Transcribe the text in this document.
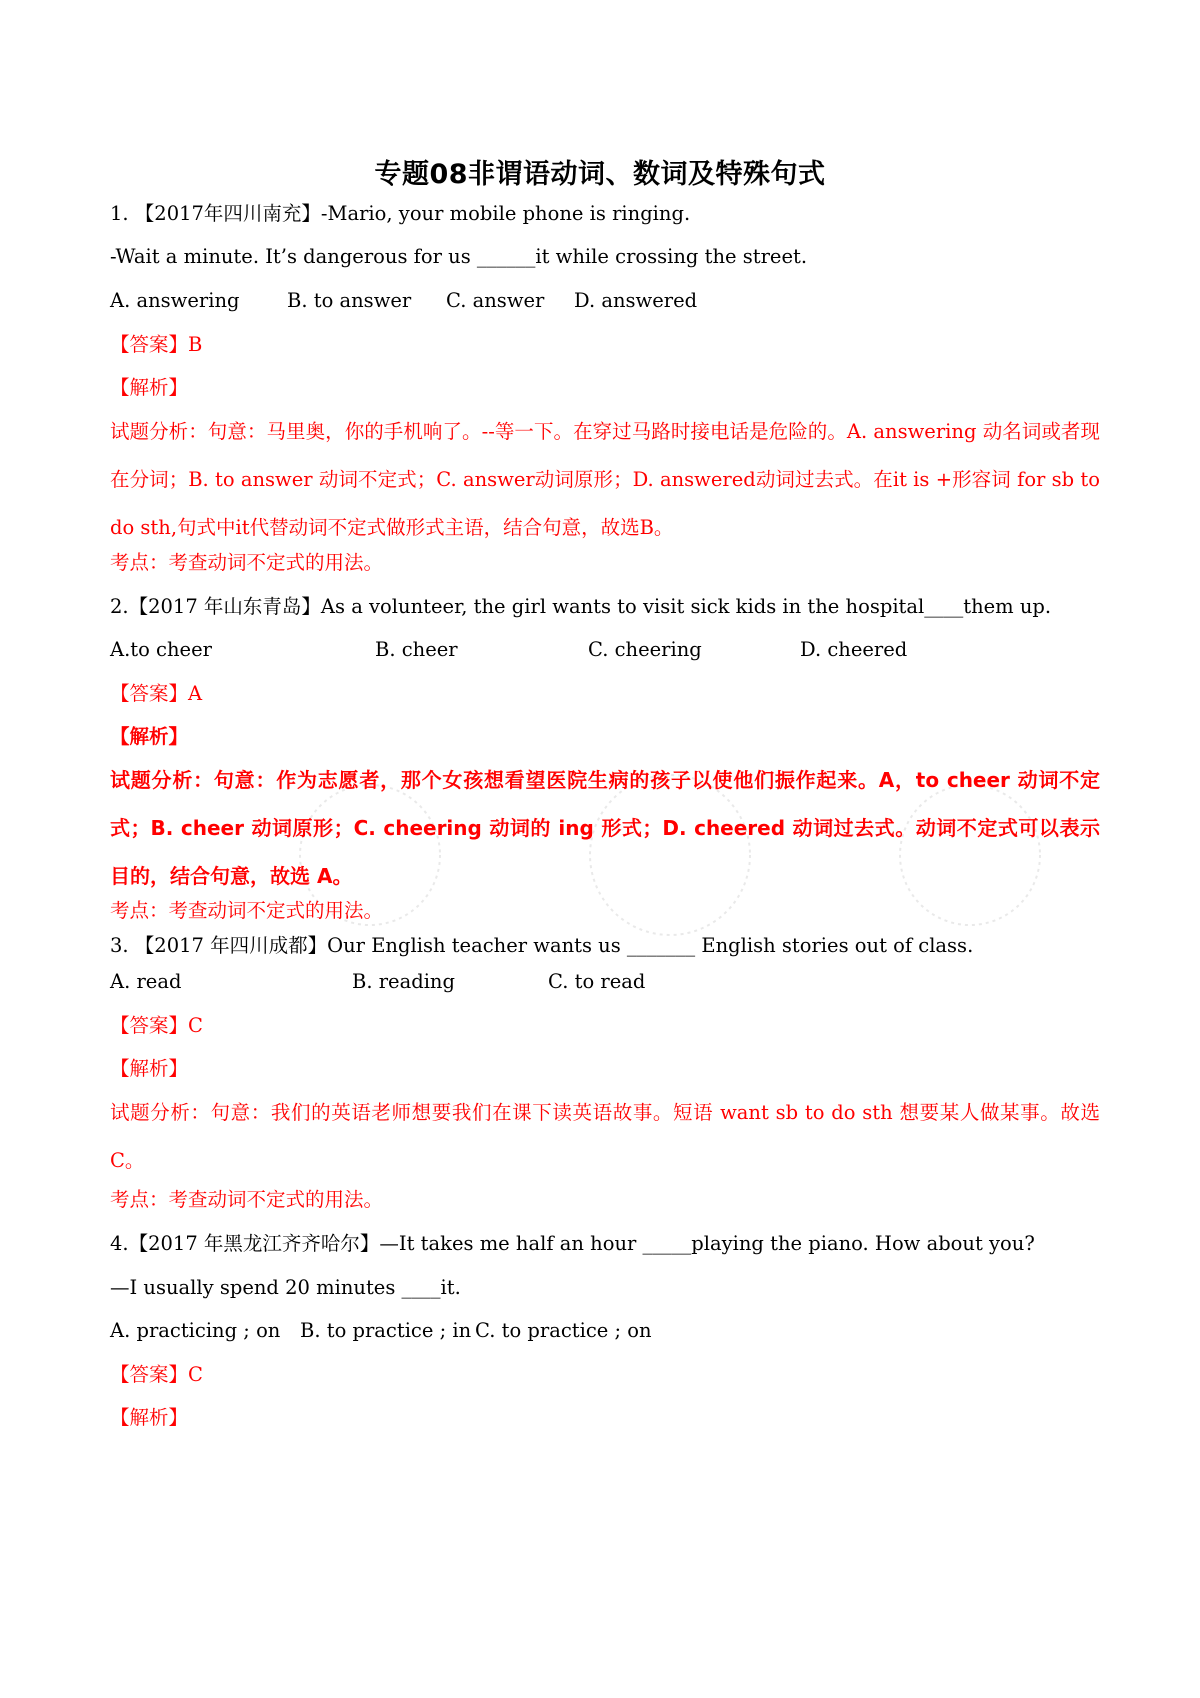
专题08非谓语动词、数词及特殊句式
1. 【2017年四川南充】-Mario, your mobile phone is ringing.
-Wait a minute. It’s dangerous for us ______it while crossing the street.
A. answering B. to answer C. answer D. answered
【答案】B
【解析】
试题分析：句意：马里奥，你的手机响了。--等一下。在穿过马路时接电话是危险的。A. answering 动名词或者现在分词；B. to answer 动词不定式；C. answer动词原形；D. answered动词过去式。在it is +形容词 for sb to do sth,句式中it代替动词不定式做形式主语，结合句意，故选B。
考点：考查动词不定式的用法。
2.【2017 年山东青岛】As a volunteer, the girl wants to visit sick kids in the hospital____them up.
A.to cheer	B. cheer	C. cheering	D. cheered
【答案】A
【解析】
试题分析：句意：作为志愿者，那个女孩想看望医院生病的孩子以使他们振作起来。A，to cheer 动词不定式；B. cheer 动词原形；C. cheering 动词的 ing 形式；D. cheered 动词过去式。动词不定式可以表示目的，结合句意，故选 A。
考点：考查动词不定式的用法。
3. 【2017 年四川成都】Our English teacher wants us _______ English stories out of class.
A. read	B. reading	C. to read
【答案】C
【解析】
试题分析：句意：我们的英语老师想要我们在课下读英语故事。短语 want sb to do sth 想要某人做某事。故选 C。
考点：考查动词不定式的用法。
4.【2017 年黑龙江齐齐哈尔】—It takes me half an hour _____playing the piano. How about you?
—I usually spend 20 minutes ____it.
A. practicing ; on B. to practice ; in C. to practice ; on
【答案】C
【解析】
